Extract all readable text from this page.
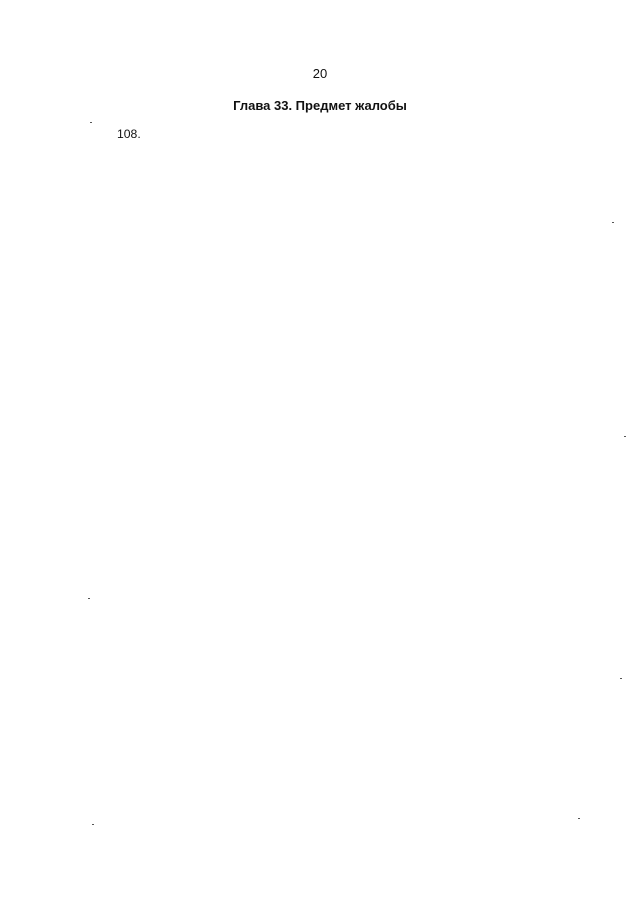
20
Глава 33. Предмет жалобы

108.
